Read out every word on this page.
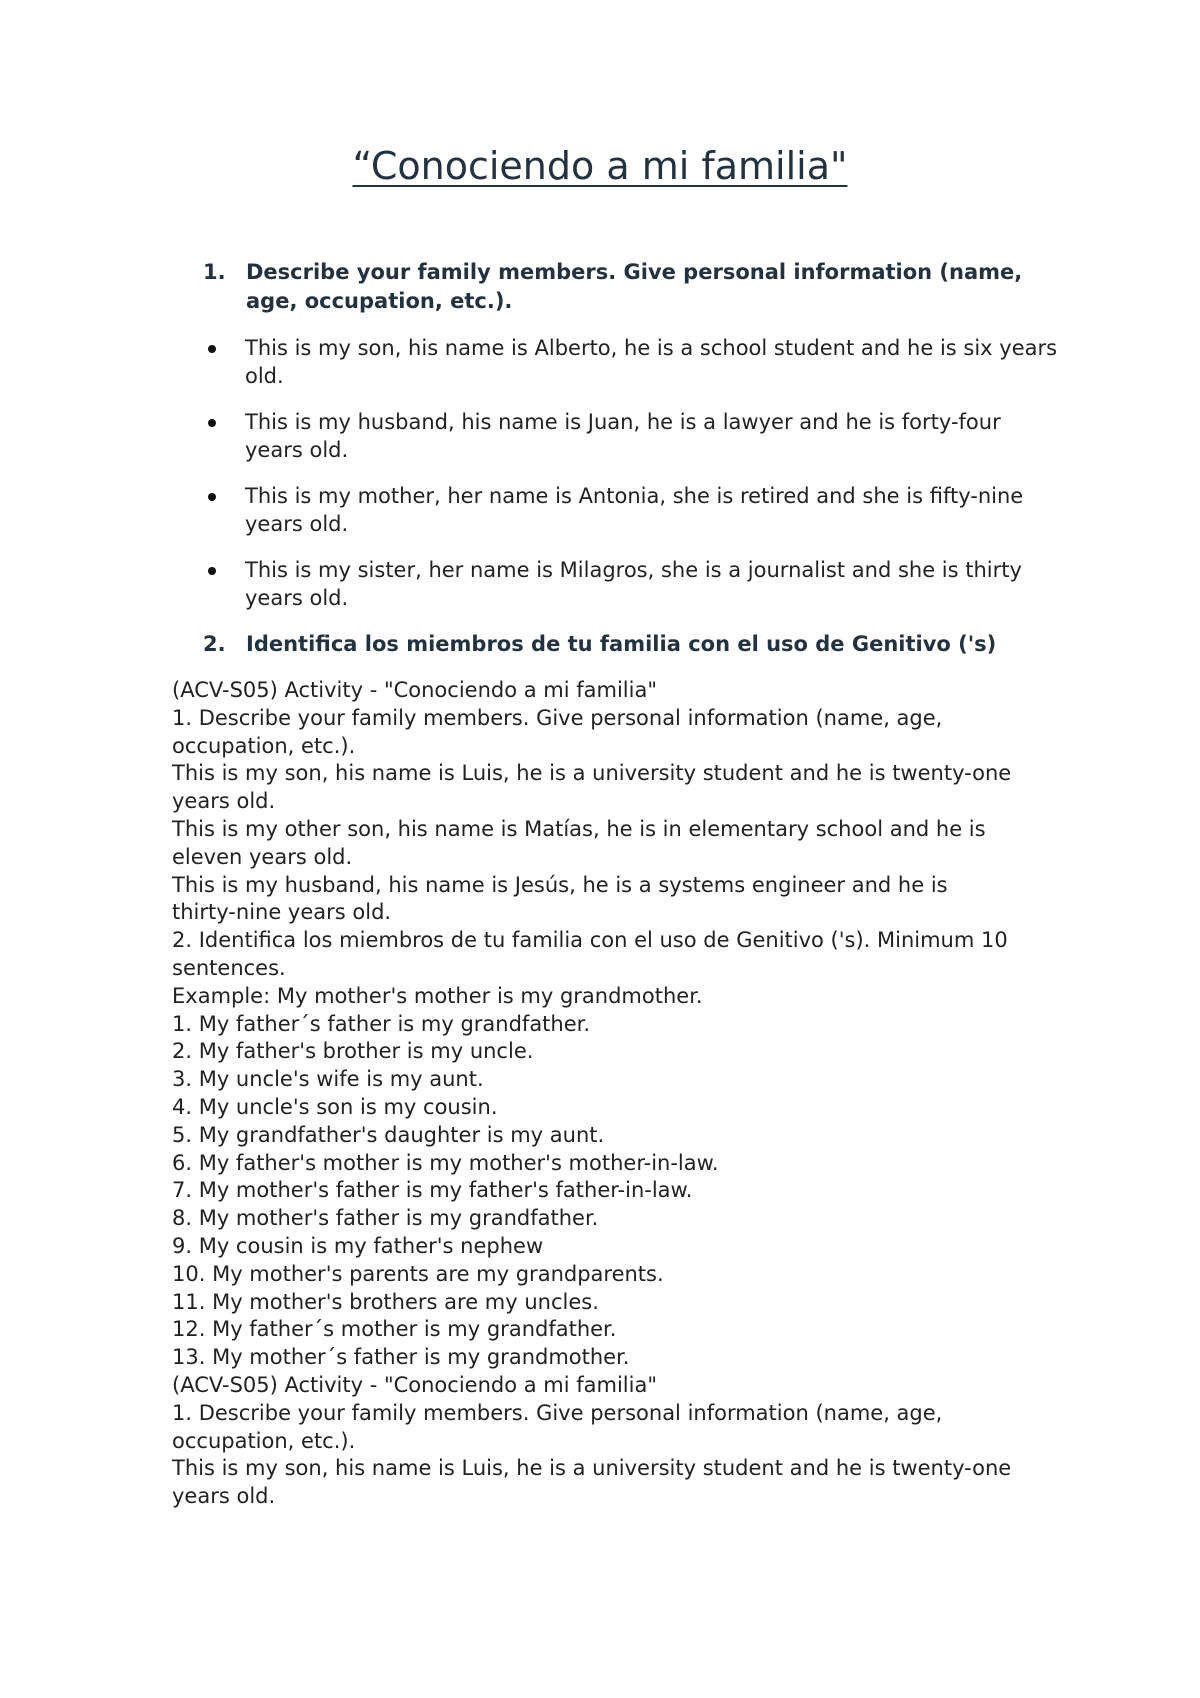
“Conociendo a mi familia"
1. Describe your family members. Give personal information (name, age, occupation, etc.).
This is my son, his name is Alberto, he is a school student and he is six years old.
This is my husband, his name is Juan, he is a lawyer and he is forty-four years old.
This is my mother, her name is Antonia, she is retired and she is fifty-nine years old.
This is my sister, her name is Milagros, she is a journalist and she is thirty years old.
2. Identifica los miembros de tu familia con el uso de Genitivo ('s)
(ACV-S05) Activity - "Conociendo a mi familia"
1. Describe your family members. Give personal information (name, age,
occupation, etc.).
This is my son, his name is Luis, he is a university student and he is twenty-one
years old.
This is my other son, his name is Matías, he is in elementary school and he is
eleven years old.
This is my husband, his name is Jesús, he is a systems engineer and he is
thirty-nine years old.
2. Identifica los miembros de tu familia con el uso de Genitivo ('s). Minimum 10
sentences.
Example: My mother's mother is my grandmother.
1. My father´s father is my grandfather.
2. My father's brother is my uncle.
3. My uncle's wife is my aunt.
4. My uncle's son is my cousin.
5. My grandfather's daughter is my aunt.
6. My father's mother is my mother's mother-in-law.
7. My mother's father is my father's father-in-law.
8. My mother's father is my grandfather.
9. My cousin is my father's nephew
10. My mother's parents are my grandparents.
11. My mother's brothers are my uncles.
12. My father´s mother is my grandfather.
13. My mother´s father is my grandmother.
(ACV-S05) Activity - "Conociendo a mi familia"
1. Describe your family members. Give personal information (name, age,
occupation, etc.).
This is my son, his name is Luis, he is a university student and he is twenty-one
years old.
